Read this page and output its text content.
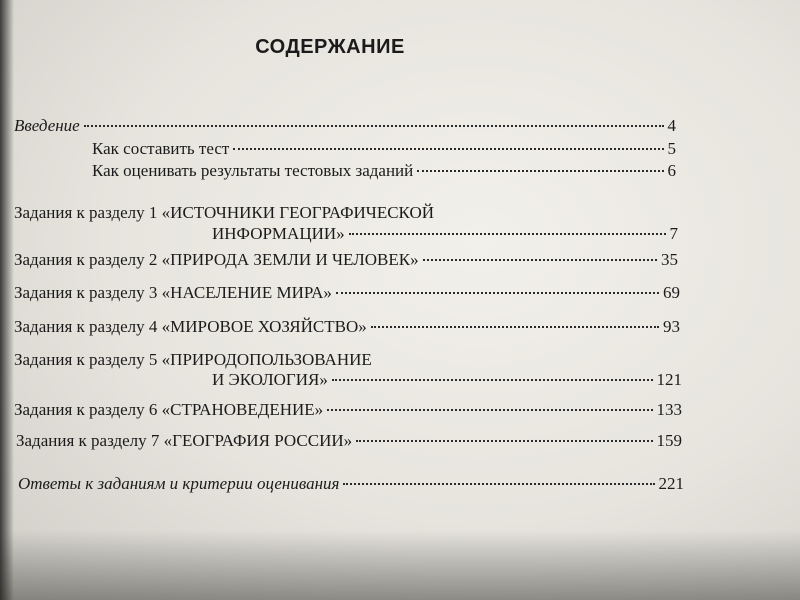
СОДЕРЖАНИЕ
Введение	4
Как составить тест	5
Как оценивать результаты тестовых заданий	6
Задания к разделу 1 «ИСТОЧНИКИ ГЕОГРАФИЧЕСКОЙ
ИНФОРМАЦИИ»	7
Задания к разделу 2 «ПРИРОДА ЗЕМЛИ И ЧЕЛОВЕК»	35
Задания к разделу 3 «НАСЕЛЕНИЕ МИРА»	69
Задания к разделу 4 «МИРОВОЕ ХОЗЯЙСТВО»	93
Задания к разделу 5 «ПРИРОДОПОЛЬЗОВАНИЕ
И ЭКОЛОГИЯ»	121
Задания к разделу 6 «СТРАНОВЕДЕНИЕ»	133
Задания к разделу 7 «ГЕОГРАФИЯ РОССИИ»	159
Ответы к заданиям и критерии оценивания	221
